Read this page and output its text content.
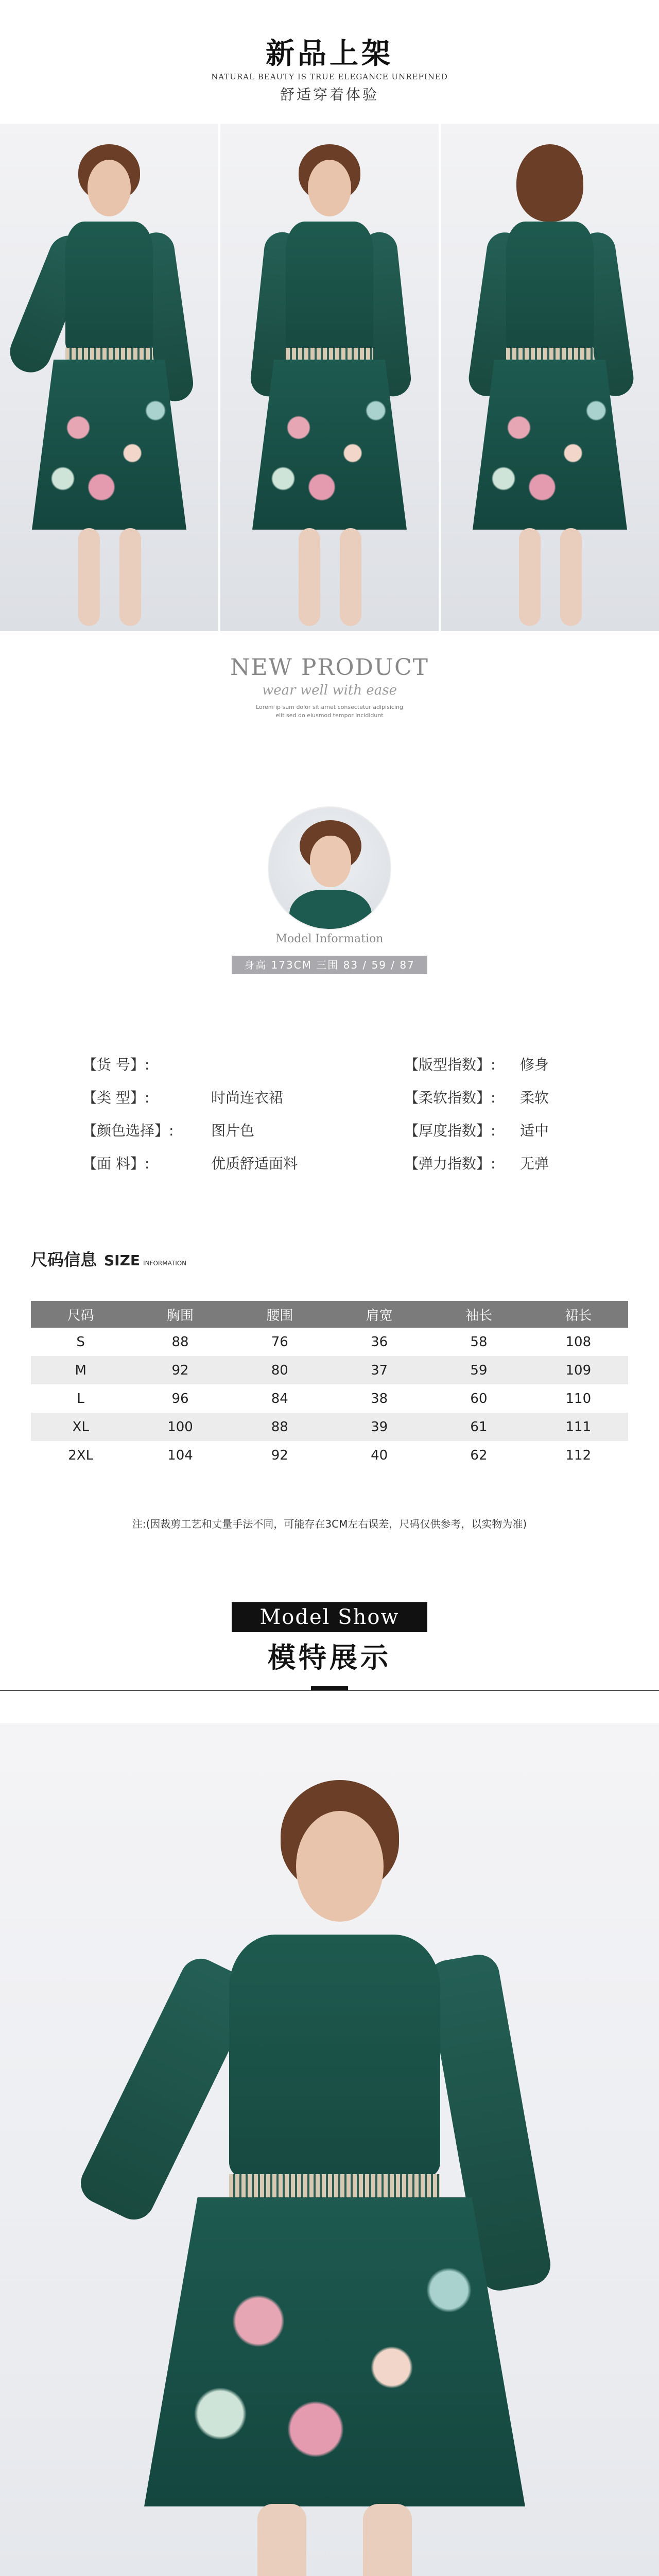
新品上架
NATURAL BEAUTY IS TRUE ELEGANCE UNREFINED
舒适穿着体验
NEW PRODUCT
wear well with ease
Lorem ip sum dolor sit amet consectetur adipisicing
elit sed do eiusmod tempor incididunt
Model Information
身高 173CM 三围 83 / 59 / 87
【货 号】:	【版型指数】: 修身
【类 型】:	时尚连衣裙	【柔软指数】: 柔软
【颜色选择】:	图片色	【厚度指数】: 适中
【面 料】:	优质舒适面料	【弹力指数】: 无弹
尺码信息 SIZE INFORMATION
尺码	胸围	腰围	肩宽	袖长	裙长
S	88	76	36	58	108
M	92	80	37	59	109
L	96	84	38	60	110
XL	100	88	39	61	111
2XL	104	92	40	62	112
注:(因裁剪工艺和丈量手法不同，可能存在3CM左右误差，尺码仅供参考，以实物为准)
Model Show
模特展示
